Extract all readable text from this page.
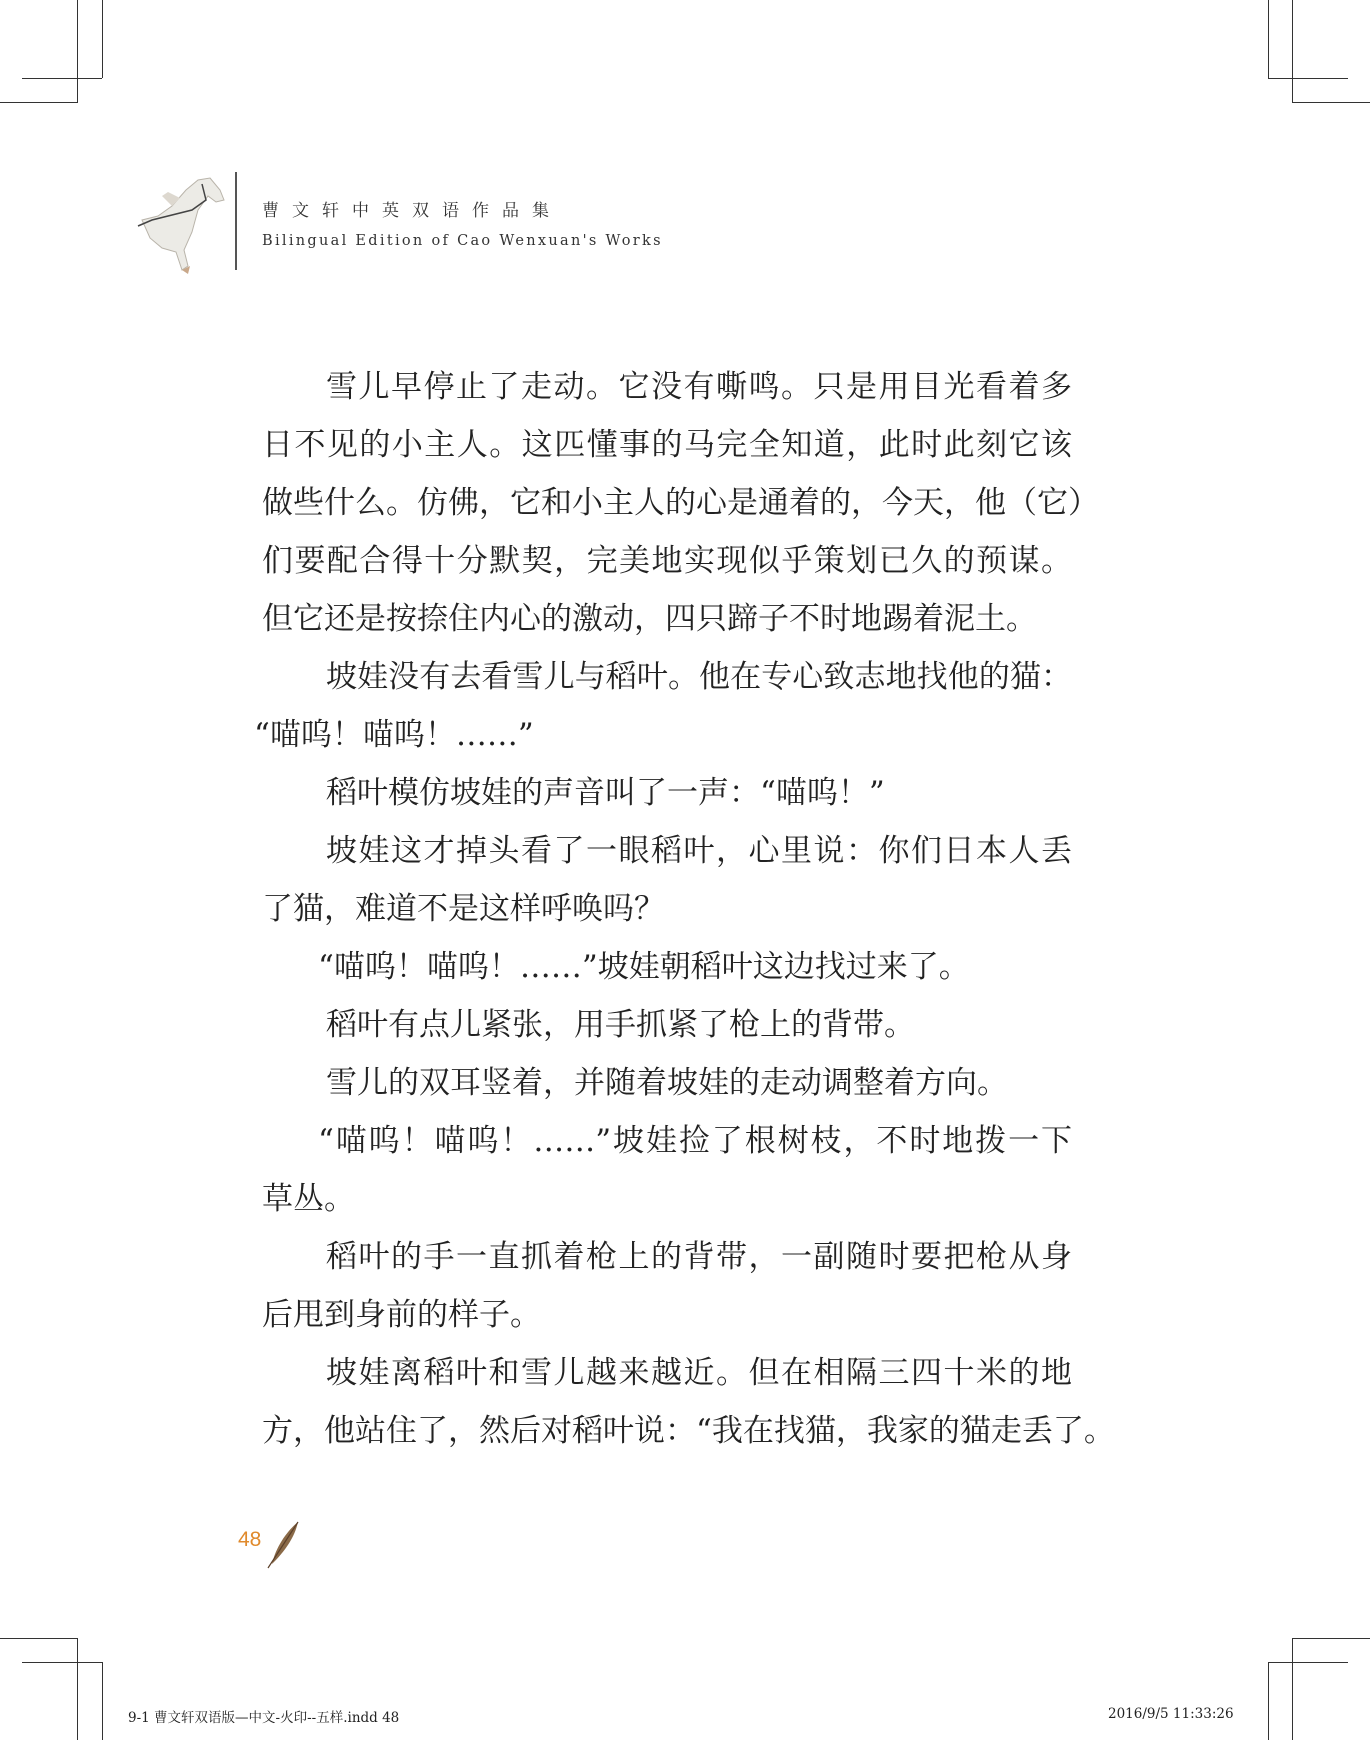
曹文轩中英双语作品集
Bilingual Edition of Cao Wenxuan's Works
雪儿早停止了走动。它没有嘶鸣。只是用目光看着多
日不见的小主人。这匹懂事的马完全知道，此时此刻它该
做些什么。仿佛，它和小主人的心是通着的，今天，他（它）
们要配合得十分默契，完美地实现似乎策划已久的预谋。
但它还是按捺住内心的激动，四只蹄子不时地踢着泥土。
坡娃没有去看雪儿与稻叶。他在专心致志地找他的猫：
“喵呜！喵呜！……”
稻叶模仿坡娃的声音叫了一声：“喵呜！”
坡娃这才掉头看了一眼稻叶，心里说：你们日本人丢
了猫，难道不是这样呼唤吗？
“喵呜！喵呜！……”坡娃朝稻叶这边找过来了。
稻叶有点儿紧张，用手抓紧了枪上的背带。
雪儿的双耳竖着，并随着坡娃的走动调整着方向。
“喵呜！喵呜！……”坡娃捡了根树枝，不时地拨一下
草丛。
稻叶的手一直抓着枪上的背带，一副随时要把枪从身
后甩到身前的样子。
坡娃离稻叶和雪儿越来越近。但在相隔三四十米的地
方，他站住了，然后对稻叶说：“我在找猫，我家的猫走丢了。
48
9-1 曹文轩双语版—中文-火印--五样.indd 48	2016/9/5 11:33:26
